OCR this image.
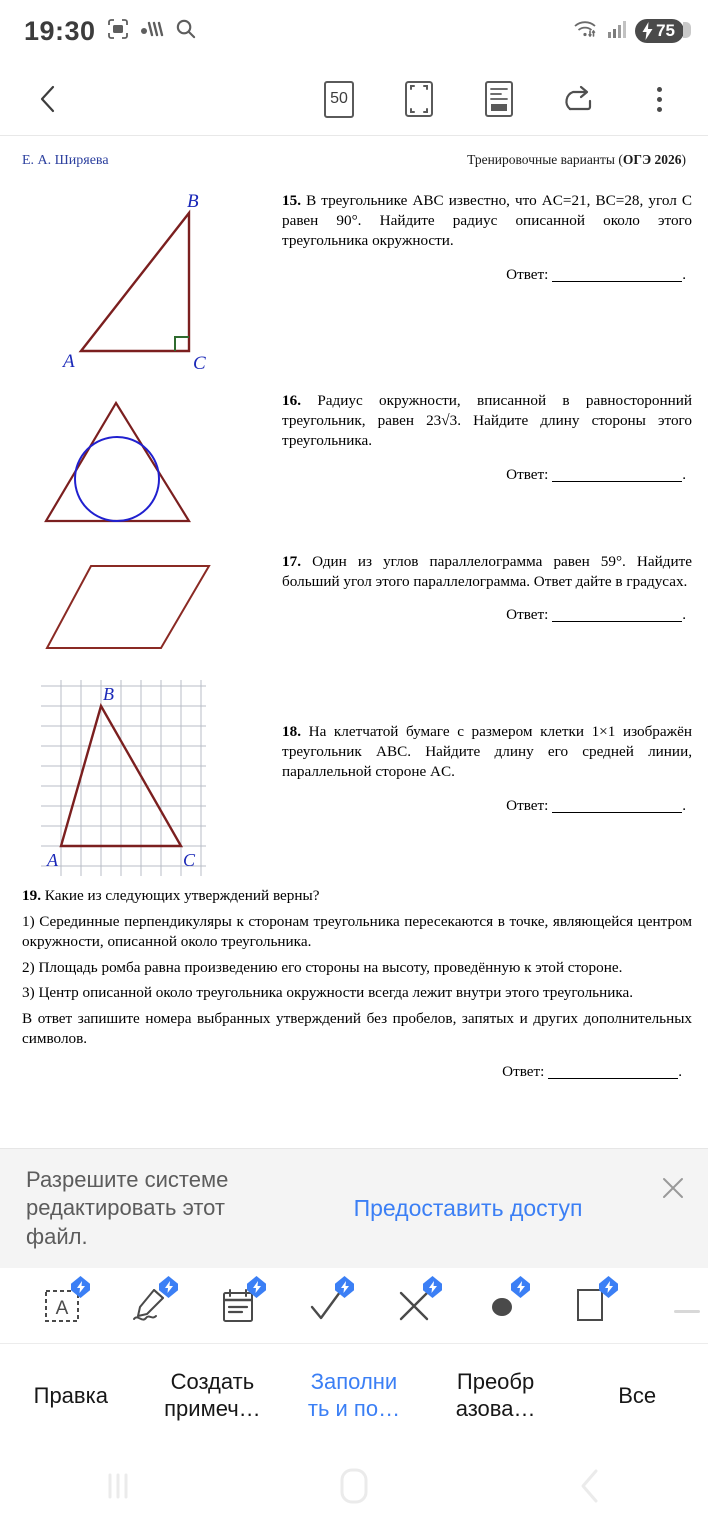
19:30	75
50
Е. А. Ширяева	Тренировочные варианты (ОГЭ 2026)
B
A	C
15. В треугольнике ABC известно, что AC=21, BC=28, угол C равен 90°. Найдите радиус описанной около этого треугольника окружности.
Ответ:	.
16. Радиус окружности, вписанной в равносторонний треугольник, равен 23√3. Найдите длину стороны этого треугольника.
Ответ:	.
17. Один из углов параллелограмма равен 59°. Найдите больший угол этого параллелограмма. Ответ дайте в градусах.
Ответ:	.
B
A	C
18. На клетчатой бумаге с размером клетки 1×1 изображён треугольник ABC. Найдите длину его средней линии, параллельной стороне AC.
Ответ:	.

19. Какие из следующих утверждений верны?

1) Серединные перпендикуляры к сторонам треугольника пересекаются в точке, являющейся центром окружности, описанной около треугольника.

2) Площадь ромба равна произведению его стороны на высоту, проведённую к этой стороне.

3) Центр описанной около треугольника окружности всегда лежит внутри этого треугольника.

В ответ запишите номера выбранных утверждений без пробелов, запятых и других дополнительных символов.

Ответ:	.
Разрешите системе редактировать этот файл.
Предоставить доступ
A
Правка
Создать
примеч…
Заполни
ть и по…
Преобр
азова…
Все
